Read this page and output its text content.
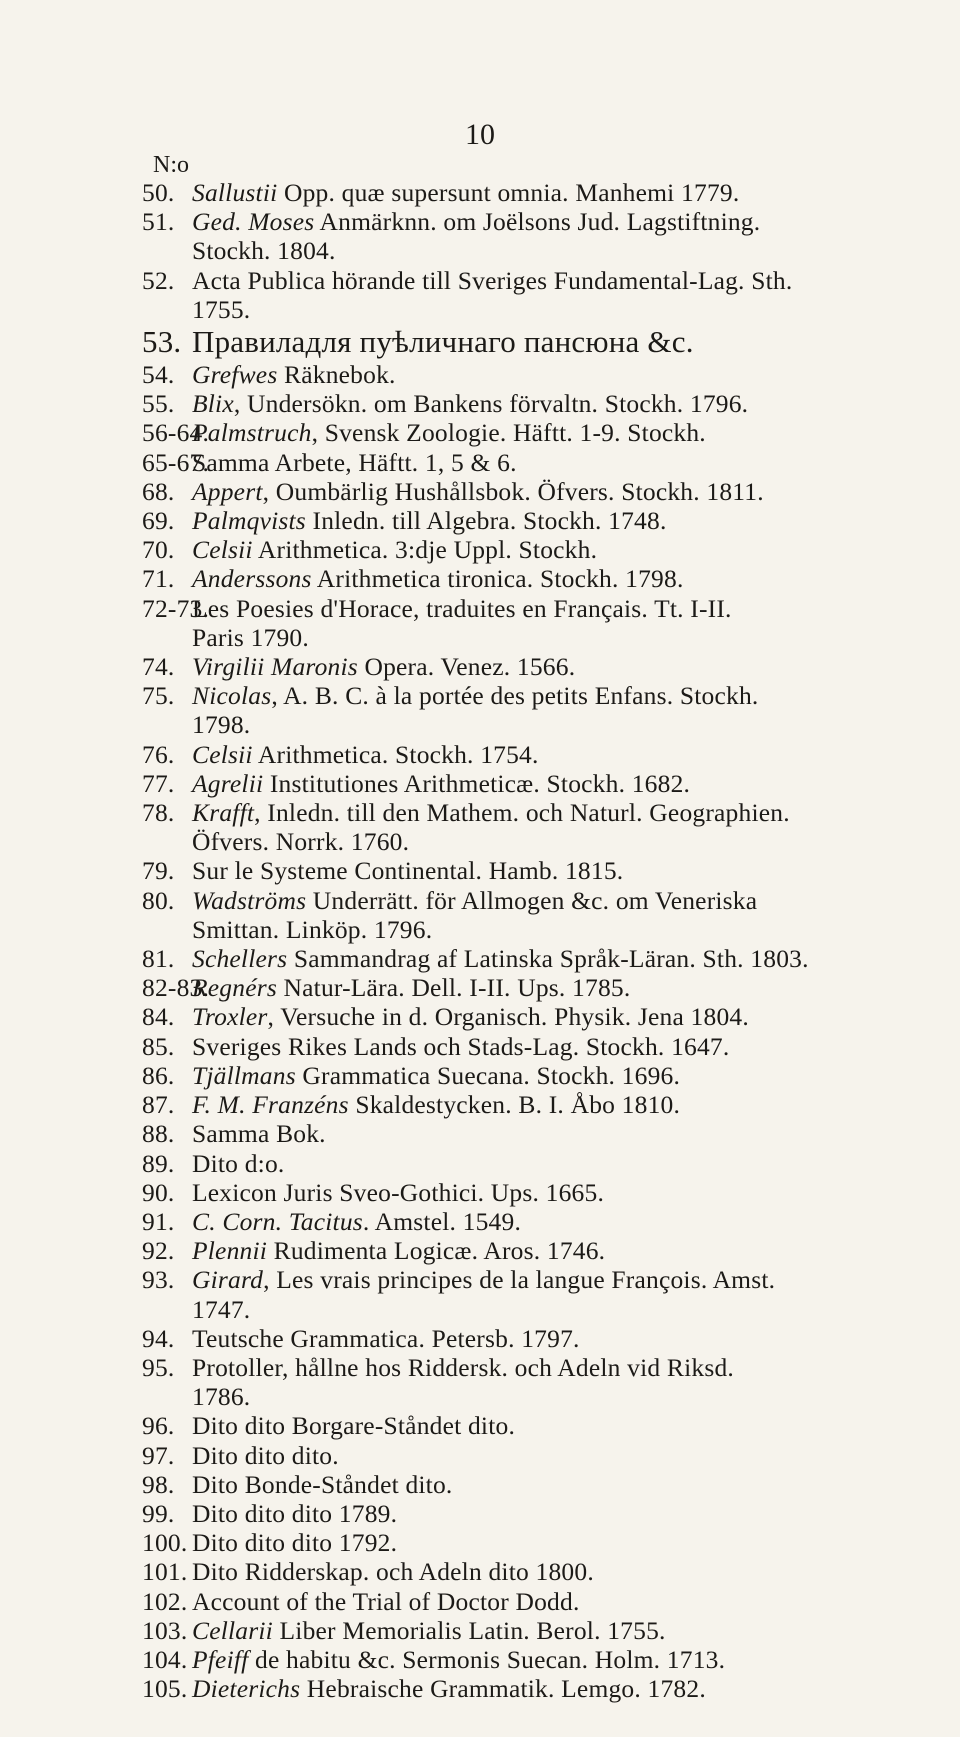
10
N:o
50. Sallustii Opp. quæ supersunt omnia. Manhemi 1779.
51. Ged. Moses Anmärknn. om Joëlsons Jud. Lagstiftning.
Stockh. 1804.
52. Acta Publica hörande till Sveriges Fundamental-Lag. Sth.
1755.
53. Правиладля пуѣличнаго пансюна &c.
54. Grefwes Räknebok.
55. Blix, Undersökn. om Bankens förvaltn. Stockh. 1796.
56-64.
Palmstruch, Svensk Zoologie. Häftt. 1-9. Stockh.
65-67.
Samma Arbete, Häftt. 1, 5 & 6.
68. Appert, Oumbärlig Hushållsbok. Öfvers. Stockh. 1811.
69. Palmqvists Inledn. till Algebra. Stockh. 1748.
70. Celsii Arithmetica. 3:dje Uppl. Stockh.
71. Anderssons Arithmetica tironica. Stockh. 1798.
72-73.
Les Poesies d'Horace, traduites en Français. Tt. I-II.
Paris 1790.
74. Virgilii Maronis Opera. Venez. 1566.
75. Nicolas, A. B. C. à la portée des petits Enfans. Stockh.
1798.
76. Celsii Arithmetica. Stockh. 1754.
77. Agrelii Institutiones Arithmeticæ. Stockh. 1682.
78. Krafft, Inledn. till den Mathem. och Naturl. Geographien.
Öfvers. Norrk. 1760.
79. Sur le Systeme Continental. Hamb. 1815.
80. Wadströms Underrätt. för Allmogen &c. om Veneriska
Smittan. Linköp. 1796.
81. Schellers Sammandrag af Latinska Språk-Läran. Sth. 1803.
82-83.
Regnérs Natur-Lära. Dell. I-II. Ups. 1785.
84. Troxler, Versuche in d. Organisch. Physik. Jena 1804.
85. Sveriges Rikes Lands och Stads-Lag. Stockh. 1647.
86. Tjällmans Grammatica Suecana. Stockh. 1696.
87. F. M. Franzéns Skaldestycken. B. I. Åbo 1810.
88. Samma Bok.
89. Dito d:o.
90. Lexicon Juris Sveo-Gothici. Ups. 1665.
91. C. Corn. Tacitus. Amstel. 1549.
92. Plennii Rudimenta Logicæ. Aros. 1746.
93. Girard, Les vrais principes de la langue François. Amst.
1747.
94. Teutsche Grammatica. Petersb. 1797.
95. Protoller, hållne hos Riddersk. och Adeln vid Riksd.
1786.
96. Dito dito Borgare-Ståndet dito.
97. Dito dito dito.
98. Dito Bonde-Ståndet dito.
99. Dito dito dito 1789.
100. Dito dito dito 1792.
101. Dito Ridderskap. och Adeln dito 1800.
102. Account of the Trial of Doctor Dodd.
103. Cellarii Liber Memorialis Latin. Berol. 1755.
104. Pfeiff de habitu &c. Sermonis Suecan. Holm. 1713.
105. Dieterichs Hebraische Grammatik. Lemgo. 1782.
